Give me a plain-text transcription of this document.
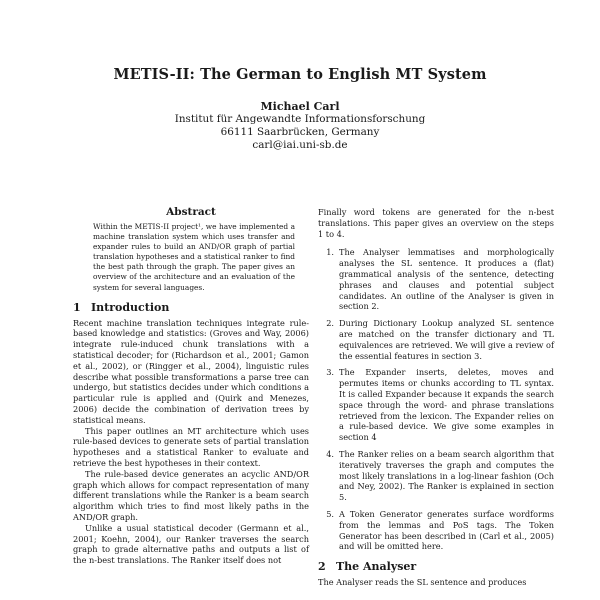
METIS-II: The German to English MT System
Michael Carl
Institut für Angewandte Informationsforschung
66111 Saarbrücken, Germany
carl@iai.uni-sb.de
Abstract

Within the METIS-II project¹, we have implemented a machine translation system which uses transfer and expander rules to build an AND/OR graph of partial translation hypotheses and a statistical ranker to find the best path through the graph. The paper gives an overview of the architecture and an evaluation of the system for several languages.

1 Introduction

Recent machine translation techniques integrate rule-based knowledge and statistics: (Groves and Way, 2006) integrate rule-induced chunk translations with a statistical decoder; for (Richardson et al., 2001; Gamon et al., 2002), or (Ringger et al., 2004), linguistic rules describe what possible transformations a parse tree can undergo, but statistics decides under which conditions a particular rule is applied and (Quirk and Menezes, 2006) decide the combination of derivation trees by statistical means.

This paper outlines an MT architecture which uses rule-based devices to generate sets of partial translation hypotheses and a statistical Ranker to evaluate and retrieve the best hypotheses in their context.

The rule-based device generates an acyclic AND/OR graph which allows for compact representation of many different translations while the Ranker is a beam search algorithm which tries to find most likely paths in the AND/OR graph.

Unlike a usual statistical decoder (Germann et al., 2001; Koehn, 2004), our Ranker traverses the search graph to grade alternative paths and outputs a list of the n-best translations. The Ranker itself does not

Finally word tokens are generated for the n-best translations. This paper gives an overview on the steps 1 to 4.

1. The Analyser lemmatises and morphologically analyses the SL sentence. It produces a (flat) grammatical analysis of the sentence, detecting phrases and clauses and potential subject candidates. An outline of the Analyser is given in section 2.
2. During Dictionary Lookup analyzed SL sentence are matched on the transfer dictionary and TL equivalences are retrieved. We will give a review of the essential features in section 3.
3. The Expander inserts, deletes, moves and permutes items or chunks according to TL syntax. It is called Expander because it expands the search space through the word- and phrase translations retrieved from the lexicon. The Expander relies on a rule-based device. We give some examples in section 4
4. The Ranker relies on a beam search algorithm that iteratively traverses the graph and computes the most likely translations in a log-linear fashion (Och and Ney, 2002). The Ranker is explained in section 5.
5. A Token Generator generates surface wordforms from the lemmas and PoS tags. The Token Generator has been described in (Carl et al., 2005) and will be omitted here.
2 The Analyser

The Analyser reads the SL sentence and produces
